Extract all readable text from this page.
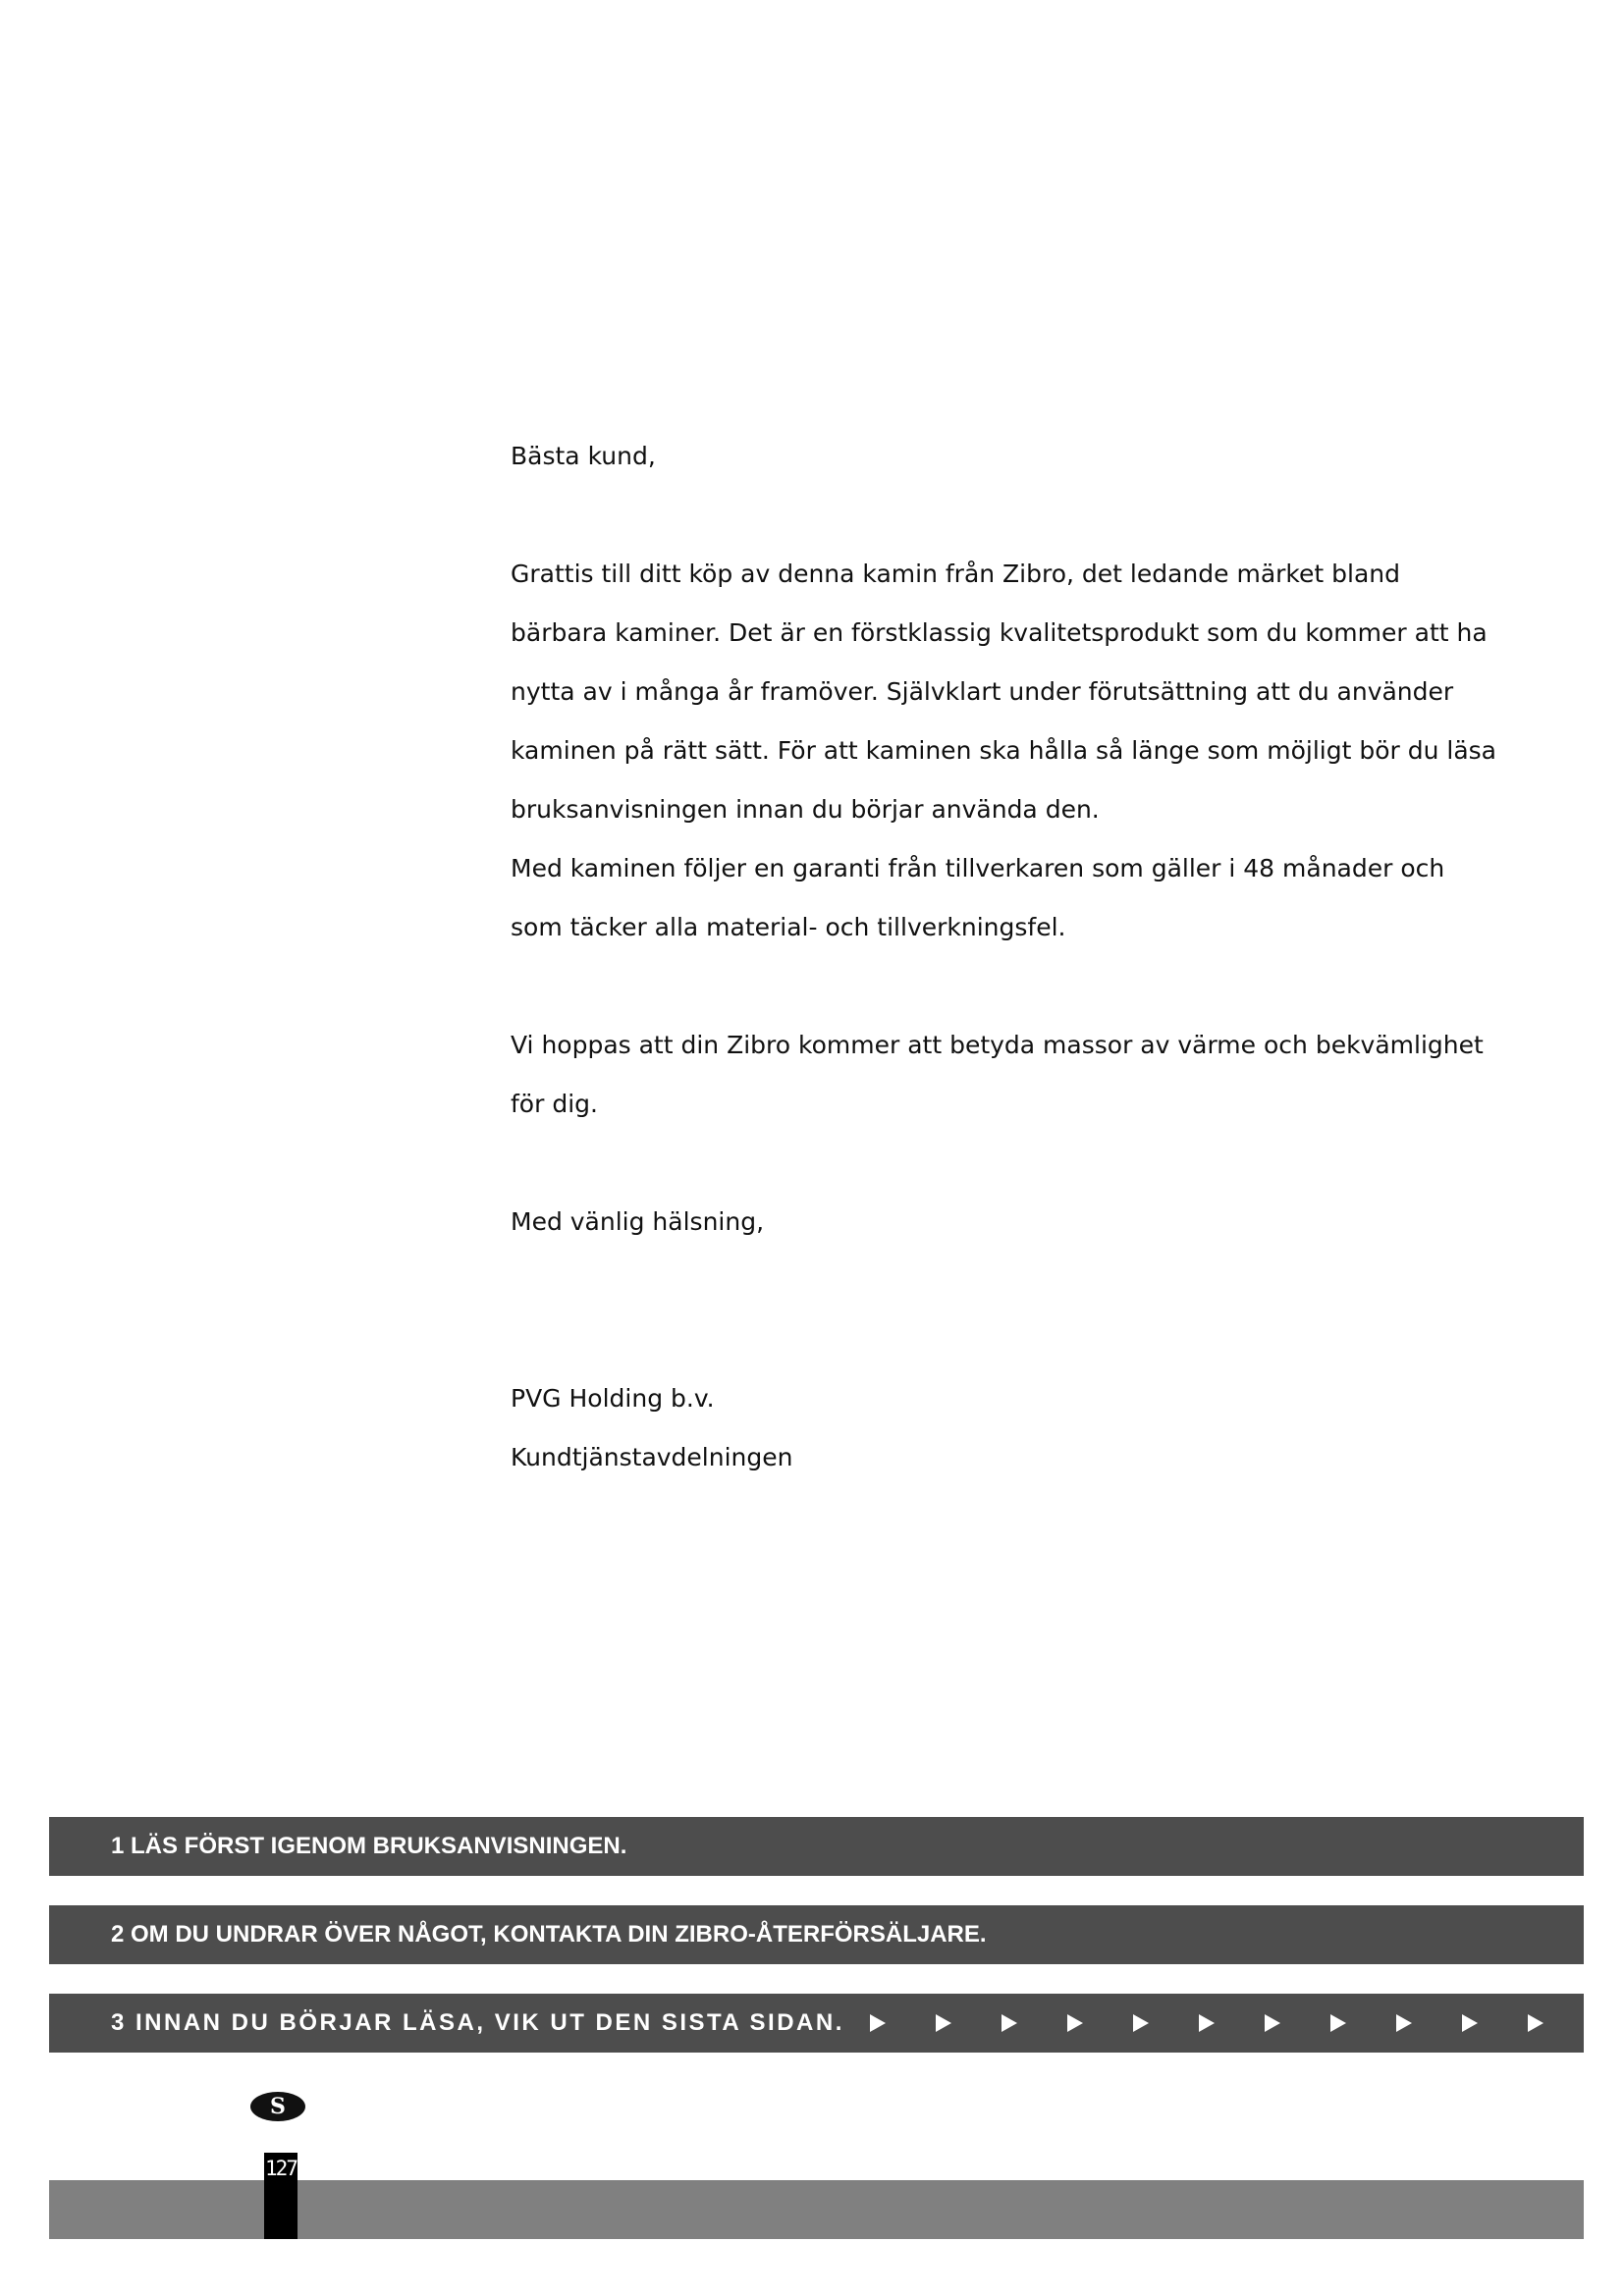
Bästa kund,
Grattis till ditt köp av denna kamin från Zibro, det ledande märket bland
bärbara kaminer. Det är en förstklassig kvalitetsprodukt som du kommer att ha
nytta av i många år framöver. Självklart under förutsättning att du använder
kaminen på rätt sätt. För att kaminen ska hålla så länge som möjligt bör du läsa
bruksanvisningen innan du börjar använda den.
Med kaminen följer en garanti från tillverkaren som gäller i 48 månader och
som täcker alla material- och tillverkningsfel.
Vi hoppas att din Zibro kommer att betyda massor av värme och bekvämlighet
för dig.
Med vänlig hälsning,
PVG Holding b.v.
Kundtjänstavdelningen
1 LÄS FÖRST IGENOM BRUKSANVISNINGEN.
2 OM DU UNDRAR ÖVER NÅGOT, KONTAKTA DIN ZIBRO-ÅTERFÖRSÄLJARE.
3 INNAN DU BÖRJAR LÄSA, VIK UT DEN SISTA SIDAN.
S
127
